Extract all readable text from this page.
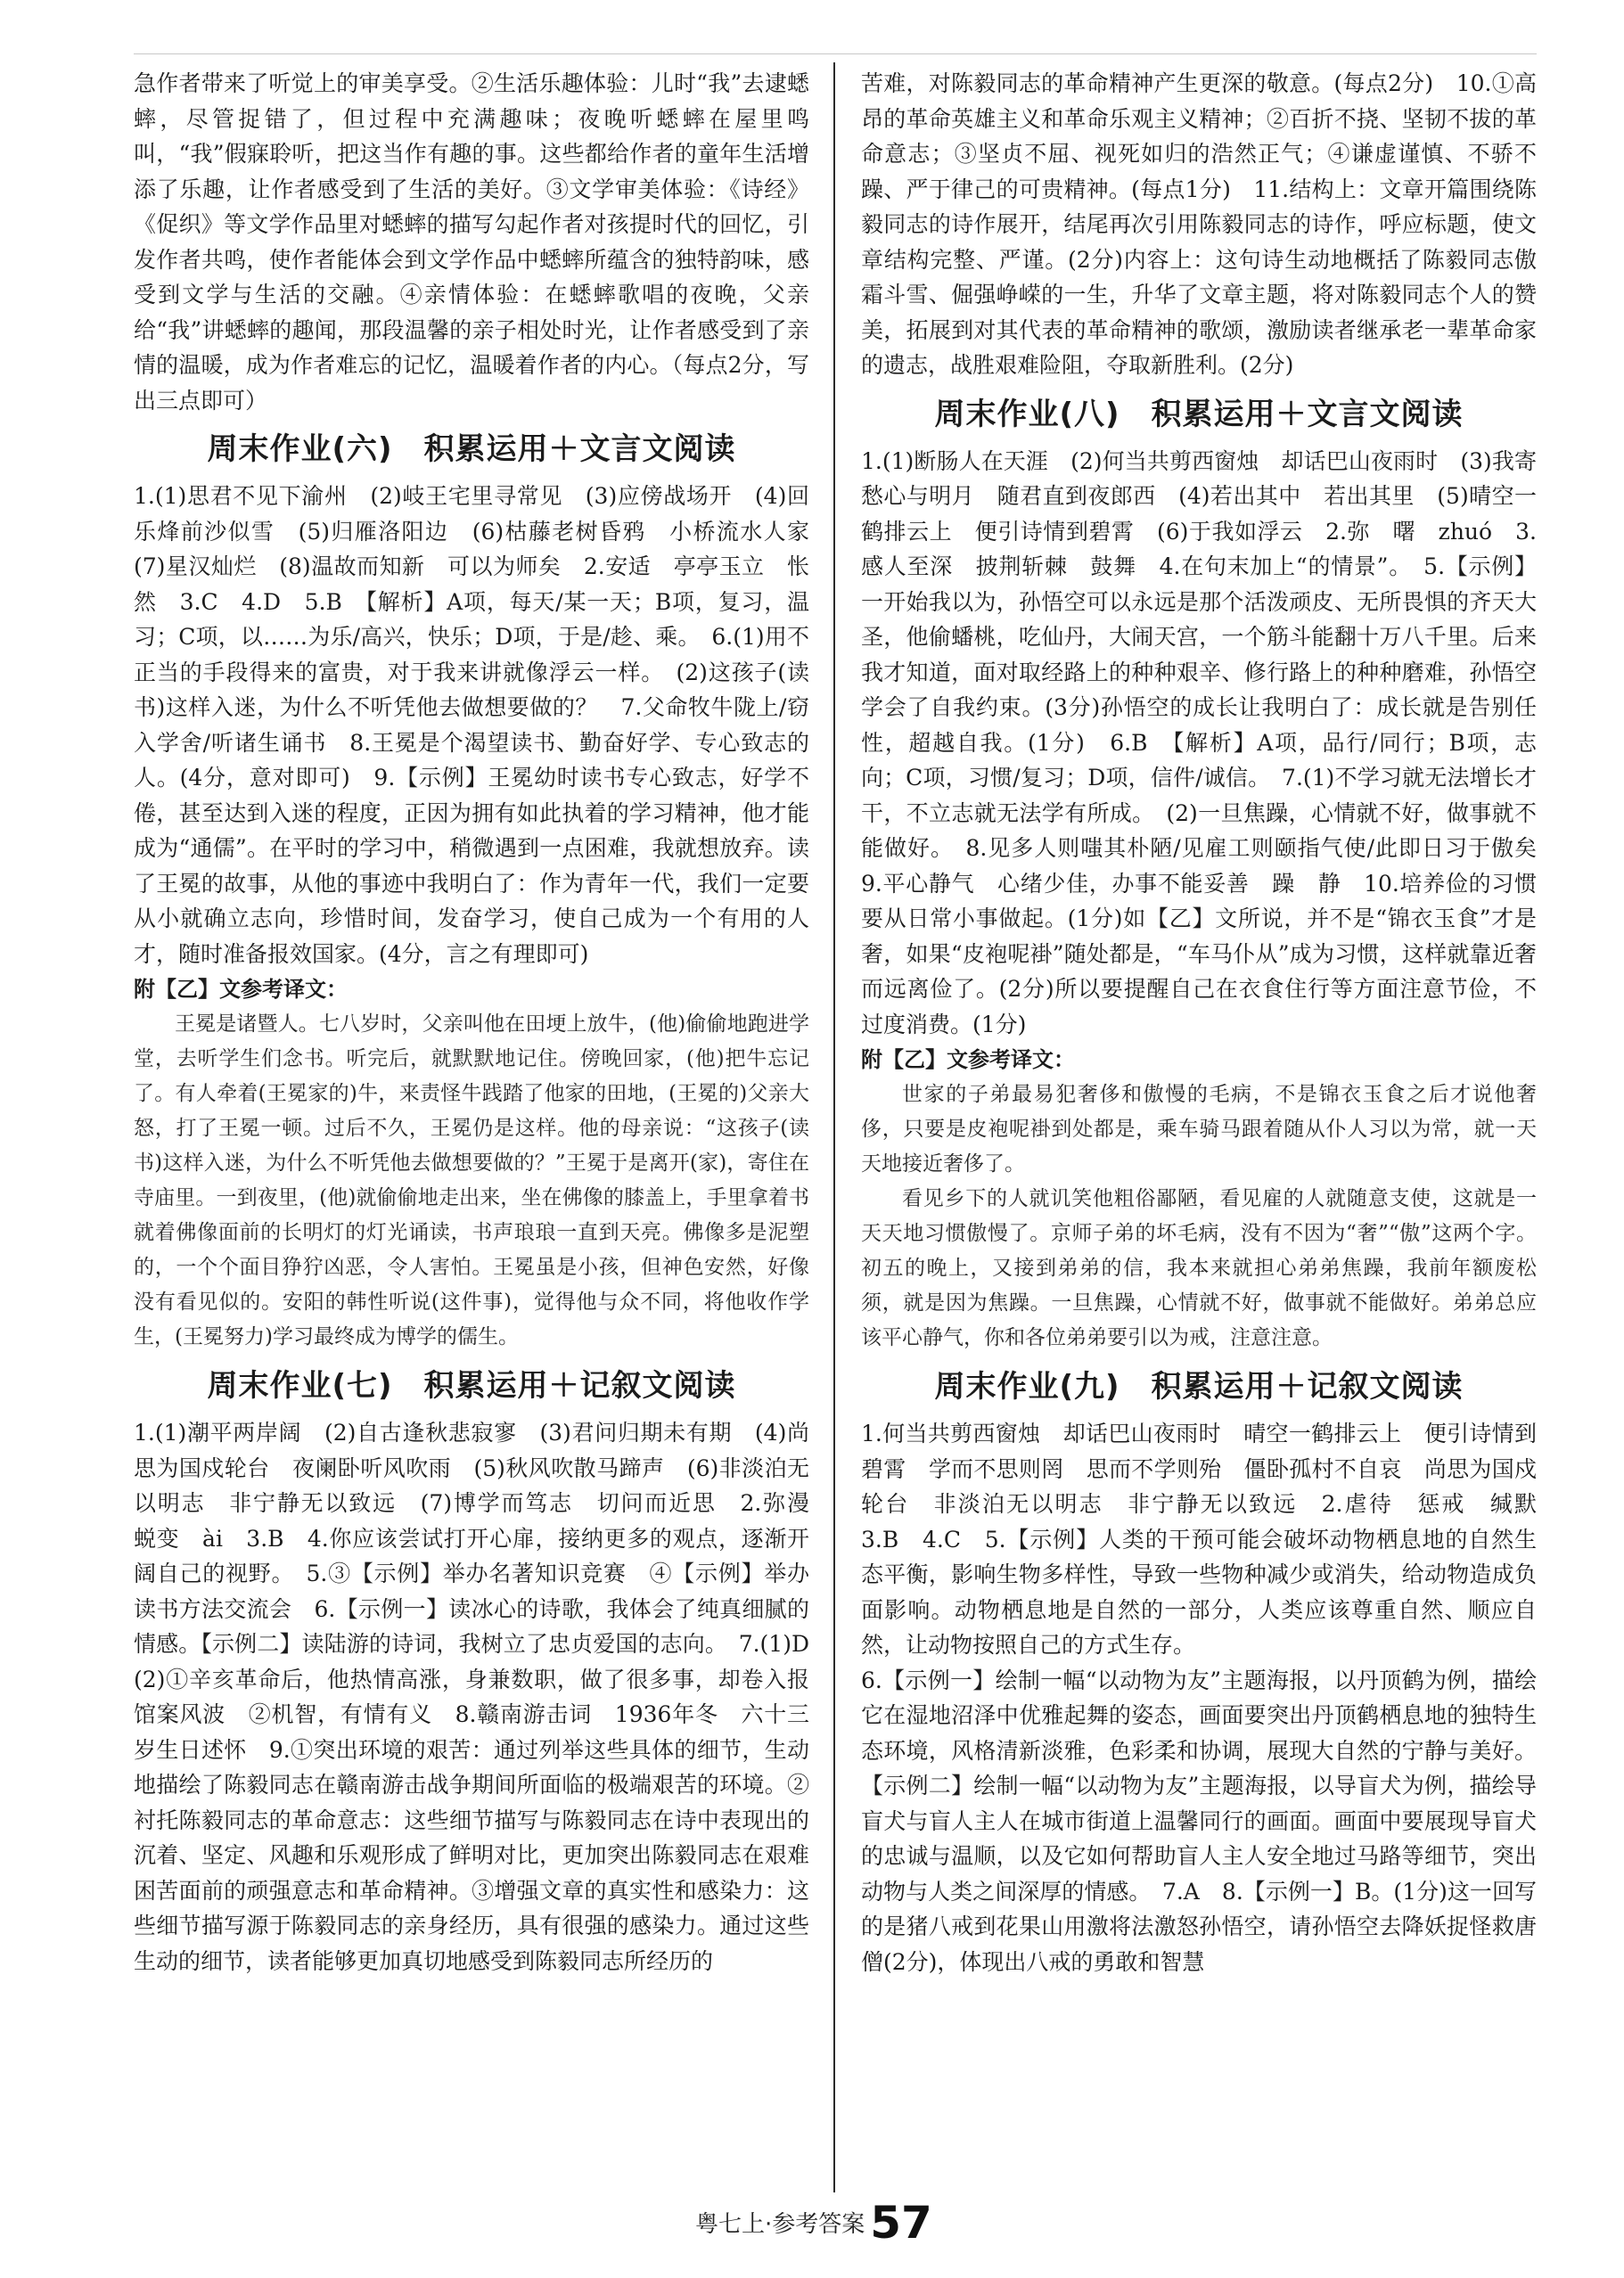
急作者带来了听觉上的审美享受。②生活乐趣体验：儿时“我”去逮蟋蟀，尽管捉错了，但过程中充满趣味；夜晚听蟋蟀在屋里鸣叫，“我”假寐聆听，把这当作有趣的事。这些都给作者的童年生活增添了乐趣，让作者感受到了生活的美好。③文学审美体验：《诗经》《促织》等文学作品里对蟋蟀的描写勾起作者对孩提时代的回忆，引发作者共鸣，使作者能体会到文学作品中蟋蟀所蕴含的独特韵味，感受到文学与生活的交融。④亲情体验：在蟋蟀歌唱的夜晚，父亲给“我”讲蟋蟀的趣闻，那段温馨的亲子相处时光，让作者感受到了亲情的温暖，成为作者难忘的记忆，温暖着作者的内心。（每点2分，写出三点即可）

周末作业(六)　积累运用＋文言文阅读

1.(1)思君不见下渝州　(2)岐王宅里寻常见　(3)应傍战场开　(4)回乐烽前沙似雪　(5)归雁洛阳边　(6)枯藤老树昏鸦　小桥流水人家　(7)星汉灿烂　(8)温故而知新　可以为师矣　2.安适　亭亭玉立　怅然　3.C　4.D　5.B　【解析】A项，每天/某一天；B项，复习，温习；C项，以……为乐/高兴，快乐；D项，于是/趁、乘。　6.(1)用不正当的手段得来的富贵，对于我来讲就像浮云一样。　(2)这孩子(读书)这样入迷，为什么不听凭他去做想要做的？　7.父命牧牛陇上/窃入学舍/听诸生诵书　8.王冕是个渴望读书、勤奋好学、专心致志的人。(4分，意对即可)　9.【示例】王冕幼时读书专心致志，好学不倦，甚至达到入迷的程度，正因为拥有如此执着的学习精神，他才能成为“通儒”。在平时的学习中，稍微遇到一点困难，我就想放弃。读了王冕的故事，从他的事迹中我明白了：作为青年一代，我们一定要从小就确立志向，珍惜时间，发奋学习，使自己成为一个有用的人才，随时准备报效国家。(4分，言之有理即可)

附【乙】文参考译文：

王冕是诸暨人。七八岁时，父亲叫他在田埂上放牛，(他)偷偷地跑进学堂，去听学生们念书。听完后，就默默地记住。傍晚回家，(他)把牛忘记了。有人牵着(王冕家的)牛，来责怪牛践踏了他家的田地，(王冕的)父亲大怒，打了王冕一顿。过后不久，王冕仍是这样。他的母亲说：“这孩子(读书)这样入迷，为什么不听凭他去做想要做的？”王冕于是离开(家)，寄住在寺庙里。一到夜里，(他)就偷偷地走出来，坐在佛像的膝盖上，手里拿着书就着佛像面前的长明灯的灯光诵读，书声琅琅一直到天亮。佛像多是泥塑的，一个个面目狰狞凶恶，令人害怕。王冕虽是小孩，但神色安然，好像没有看见似的。安阳的韩性听说(这件事)，觉得他与众不同，将他收作学生，(王冕努力)学习最终成为博学的儒生。

周末作业(七)　积累运用＋记叙文阅读

1.(1)潮平两岸阔　(2)自古逢秋悲寂寥　(3)君问归期未有期　(4)尚思为国戍轮台　夜阑卧听风吹雨　(5)秋风吹散马蹄声　(6)非淡泊无以明志　非宁静无以致远　(7)博学而笃志　切问而近思　2.弥漫　蜕变　ài　3.B　4.你应该尝试打开心扉，接纳更多的观点，逐渐开阔自己的视野。　5.③【示例】举办名著知识竞赛　④【示例】举办读书方法交流会　6.【示例一】读冰心的诗歌，我体会了纯真细腻的情感。【示例二】读陆游的诗词，我树立了忠贞爱国的志向。　7.(1)D　(2)①辛亥革命后，他热情高涨，身兼数职，做了很多事，却卷入报馆案风波　②机智，有情有义　8.赣南游击词　1936年冬　六十三岁生日述怀　9.①突出环境的艰苦：通过列举这些具体的细节，生动地描绘了陈毅同志在赣南游击战争期间所面临的极端艰苦的环境。②衬托陈毅同志的革命意志：这些细节描写与陈毅同志在诗中表现出的沉着、坚定、风趣和乐观形成了鲜明对比，更加突出陈毅同志在艰难困苦面前的顽强意志和革命精神。③增强文章的真实性和感染力：这些细节描写源于陈毅同志的亲身经历，具有很强的感染力。通过这些生动的细节，读者能够更加真切地感受到陈毅同志所经历的

苦难，对陈毅同志的革命精神产生更深的敬意。(每点2分)　10.①高昂的革命英雄主义和革命乐观主义精神；②百折不挠、坚韧不拔的革命意志；③坚贞不屈、视死如归的浩然正气；④谦虚谨慎、不骄不躁、严于律己的可贵精神。(每点1分)　11.结构上：文章开篇围绕陈毅同志的诗作展开，结尾再次引用陈毅同志的诗作，呼应标题，使文章结构完整、严谨。(2分)内容上：这句诗生动地概括了陈毅同志傲霜斗雪、倔强峥嵘的一生，升华了文章主题，将对陈毅同志个人的赞美，拓展到对其代表的革命精神的歌颂，激励读者继承老一辈革命家的遗志，战胜艰难险阻，夺取新胜利。(2分)

周末作业(八)　积累运用＋文言文阅读

1.(1)断肠人在天涯　(2)何当共剪西窗烛　却话巴山夜雨时　(3)我寄愁心与明月　随君直到夜郎西　(4)若出其中　若出其里　(5)晴空一鹤排云上　便引诗情到碧霄　(6)于我如浮云　2.弥　曙　zhuó　3.感人至深　披荆斩棘　鼓舞　4.在句末加上“的情景”。　5.【示例】一开始我以为，孙悟空可以永远是那个活泼顽皮、无所畏惧的齐天大圣，他偷蟠桃，吃仙丹，大闹天宫，一个筋斗能翻十万八千里。后来我才知道，面对取经路上的种种艰辛、修行路上的种种磨难，孙悟空学会了自我约束。(3分)孙悟空的成长让我明白了：成长就是告别任性，超越自我。(1分)　6.B　【解析】A项，品行/同行；B项，志向；C项，习惯/复习；D项，信件/诚信。　7.(1)不学习就无法增长才干，不立志就无法学有所成。　(2)一旦焦躁，心情就不好，做事就不能做好。　8.见多人则嗤其朴陋/见雇工则颐指气使/此即日习于傲矣　9.平心静气　心绪少佳，办事不能妥善　躁　静　10.培养俭的习惯要从日常小事做起。(1分)如【乙】文所说，并不是“锦衣玉食”才是奢，如果“皮袍呢褂”随处都是，“车马仆从”成为习惯，这样就靠近奢而远离俭了。(2分)所以要提醒自己在衣食住行等方面注意节俭，不过度消费。(1分)

附【乙】文参考译文：

世家的子弟最易犯奢侈和傲慢的毛病，不是锦衣玉食之后才说他奢侈，只要是皮袍呢褂到处都是，乘车骑马跟着随从仆人习以为常，就一天天地接近奢侈了。

看见乡下的人就讥笑他粗俗鄙陋，看见雇的人就随意支使，这就是一天天地习惯傲慢了。京师子弟的坏毛病，没有不因为“奢”“傲”这两个字。初五的晚上，又接到弟弟的信，我本来就担心弟弟焦躁，我前年额废松须，就是因为焦躁。一旦焦躁，心情就不好，做事就不能做好。弟弟总应该平心静气，你和各位弟弟要引以为戒，注意注意。

周末作业(九)　积累运用＋记叙文阅读

1.何当共剪西窗烛　却话巴山夜雨时　晴空一鹤排云上　便引诗情到碧霄　学而不思则罔　思而不学则殆　僵卧孤村不自哀　尚思为国戍轮台　非淡泊无以明志　非宁静无以致远　2.虐待　惩戒　缄默　3.B　4.C　5.【示例】人类的干预可能会破坏动物栖息地的自然生态平衡，影响生物多样性，导致一些物种减少或消失，给动物造成负面影响。动物栖息地是自然的一部分，人类应该尊重自然、顺应自然，让动物按照自己的方式生存。

6.【示例一】绘制一幅“以动物为友”主题海报，以丹顶鹤为例，描绘它在湿地沼泽中优雅起舞的姿态，画面要突出丹顶鹤栖息地的独特生态环境，风格清新淡雅，色彩柔和协调，展现大自然的宁静与美好。【示例二】绘制一幅“以动物为友”主题海报，以导盲犬为例，描绘导盲犬与盲人主人在城市街道上温馨同行的画面。画面中要展现导盲犬的忠诚与温顺，以及它如何帮助盲人主人安全地过马路等细节，突出动物与人类之间深厚的情感。　7.A　8.【示例一】B。(1分)这一回写的是猪八戒到花果山用激将法激怒孙悟空，请孙悟空去降妖捉怪救唐僧(2分)，体现出八戒的勇敢和智慧

粤七上·参考答案 57
